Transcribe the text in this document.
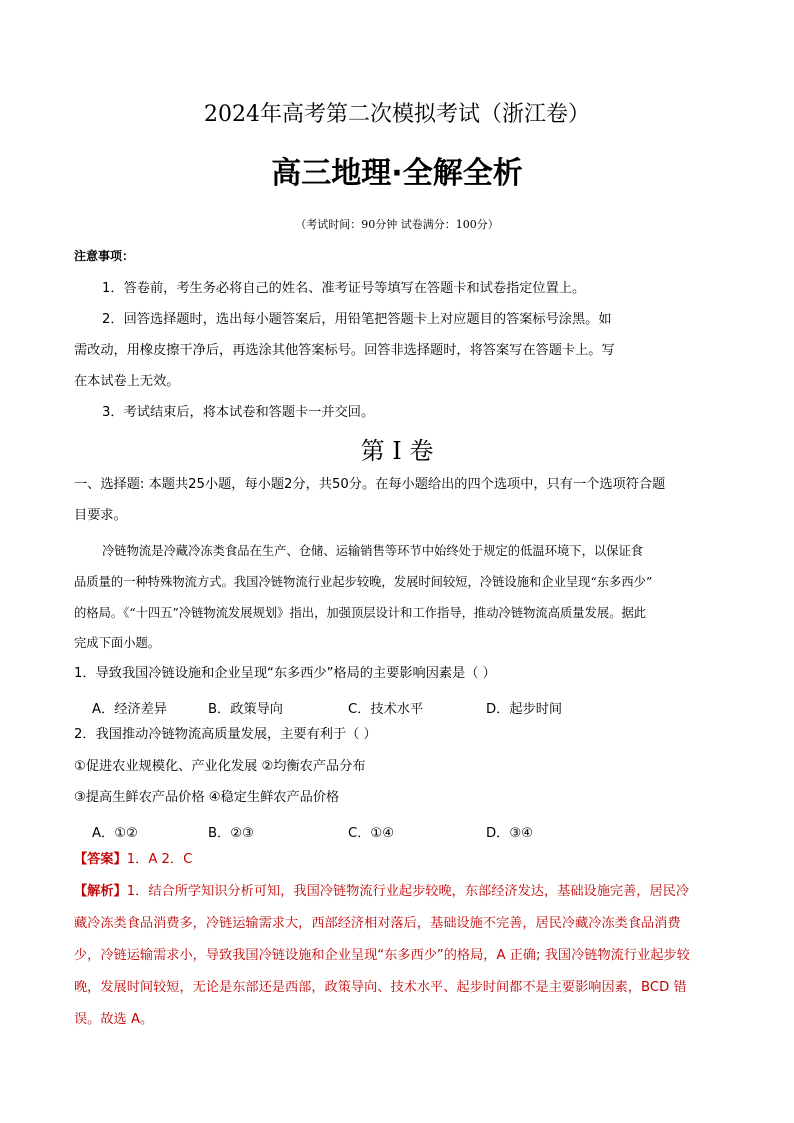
2024年高考第二次模拟考试（浙江卷）
高三地理·全解全析
（考试时间：90分钟 试卷满分：100分）
注意事项：
1．答卷前，考生务必将自己的姓名、准考证号等填写在答题卡和试卷指定位置上。
2．回答选择题时，选出每小题答案后，用铅笔把答题卡上对应题目的答案标号涂黑。如
需改动，用橡皮擦干净后，再选涂其他答案标号。回答非选择题时，将答案写在答题卡上。写
在本试卷上无效。
3．考试结束后，将本试卷和答题卡一并交回。
第 I 卷
一、选择题: 本题共25小题，每小题2分，共50分。在每小题给出的四个选项中，只有一个选项符合题
目要求。
冷链物流是冷藏冷冻类食品在生产、仓储、运输销售等环节中始终处于规定的低温环境下，以保证食
品质量的一种特殊物流方式。我国冷链物流行业起步较晚，发展时间较短，冷链设施和企业呈现“东多西少”
的格局。《“十四五”冷链物流发展规划》指出，加强顶层设计和工作指导，推动冷链物流高质量发展。据此
完成下面小题。
1．导致我国冷链设施和企业呈现“东多西少”格局的主要影响因素是（ ）
A．经济差异	B．政策导向	C．技术水平	D．起步时间
2．我国推动冷链物流高质量发展，主要有利于（ ）
①促进农业规模化、产业化发展 ②均衡农产品分布
③提高生鲜农产品价格 ④稳定生鲜农产品价格
A．①②	B．②③	C．①④	D．③④
【答案】1．A 2．C
【解析】1．结合所学知识分析可知，我国冷链物流行业起步较晚，东部经济发达，基础设施完善，居民冷
藏冷冻类食品消费多，冷链运输需求大，西部经济相对落后，基础设施不完善，居民冷藏冷冻类食品消费
少，冷链运输需求小，导致我国冷链设施和企业呈现“东多西少”的格局，A 正确; 我国冷链物流行业起步较
晚，发展时间较短，无论是东部还是西部，政策导向、技术水平、起步时间都不是主要影响因素，BCD 错
误。故选 A。
